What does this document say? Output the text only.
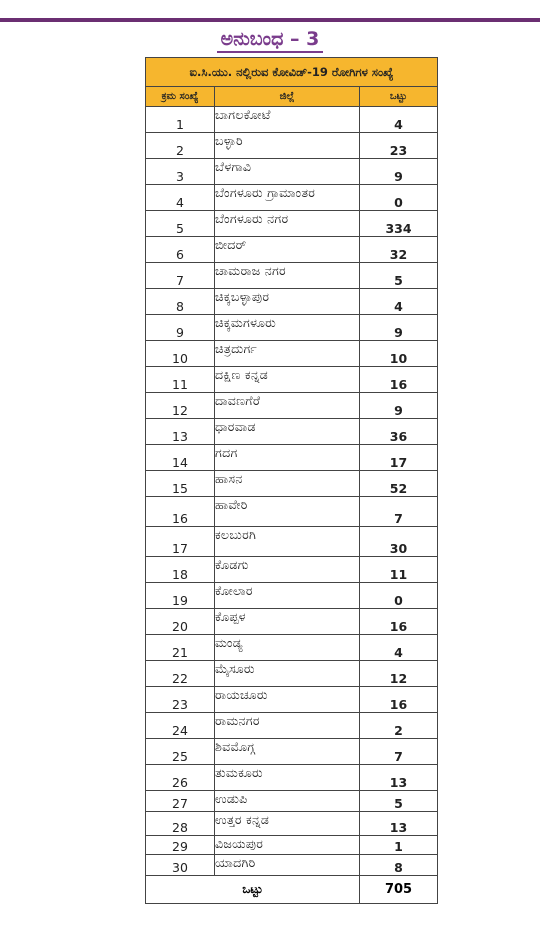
ಅನುಬಂಧ – 3
ಐ.ಸಿ.ಯು. ನಲ್ಲಿರುವ ಕೋವಿಡ್-19 ರೋಗಿಗಳ ಸಂಖ್ಯೆ		
ಕ್ರಮ ಸಂಖ್ಯೆ	ಜಿಲ್ಲೆ	ಒಟ್ಟು
1	ಬಾಗಲಕೋಟೆ	4
2	ಬಳ್ಳಾರಿ	23
3	ಬೆಳಗಾವಿ	9
4	ಬೆಂಗಳೂರು ಗ್ರಾಮಾಂತರ	0
5	ಬೆಂಗಳೂರು ನಗರ	334
6	ಬೀದರ್	32
7	ಚಾಮರಾಜ ನಗರ	5
8	ಚಿಕ್ಕಬಳ್ಳಾಪುರ	4
9	ಚಿಕ್ಕಮಗಳೂರು	9
10	ಚಿತ್ರದುರ್ಗ	10
11	ದಕ್ಷಿಣ ಕನ್ನಡ	16
12	ದಾವಣಗೆರೆ	9
13	ಧಾರವಾಡ	36
14	ಗದಗ	17
15	ಹಾಸನ	52
16	ಹಾವೇರಿ	7
17	ಕಲಬುರಗಿ	30
18	ಕೊಡಗು	11
19	ಕೋಲಾರ	0
20	ಕೊಪ್ಪಳ	16
21	ಮಂಡ್ಯ	4
22	ಮೈಸೂರು	12
23	ರಾಯಚೂರು	16
24	ರಾಮನಗರ	2
25	ಶಿವಮೊಗ್ಗ	7
26	ತುಮಕೂರು	13
27	ಉಡುಪಿ	5
28	ಉತ್ತರ ಕನ್ನಡ	13
29	ವಿಜಯಪುರ	1
30	ಯಾದಗಿರಿ	8
ಒಟ್ಟು		705
